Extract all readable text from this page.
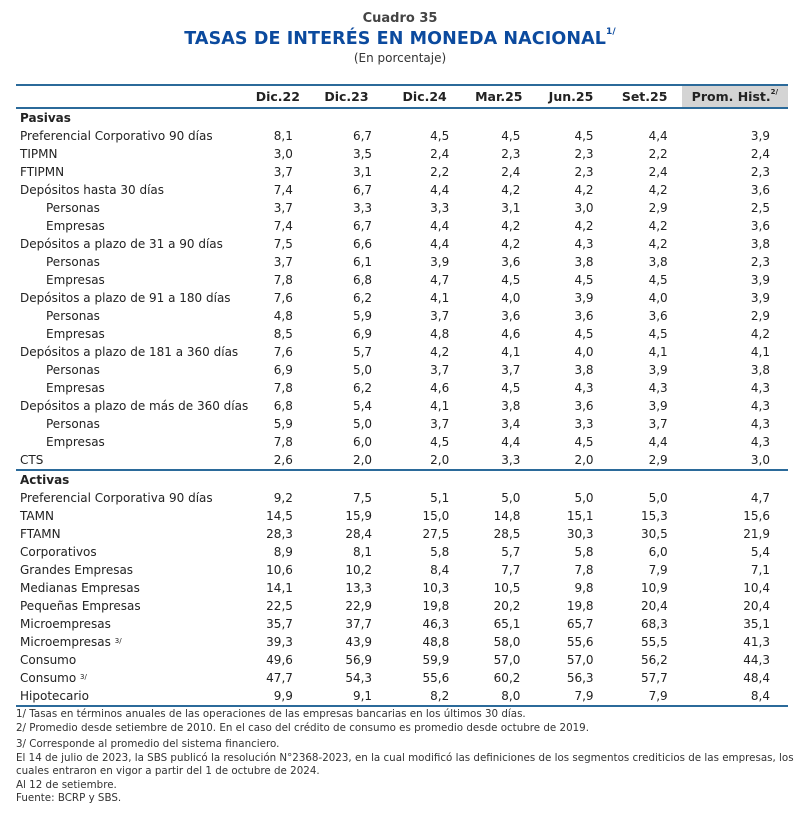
Cuadro 35
TASAS DE INTERÉS EN MONEDA $NACIONAL^{1/}$
(En porcentaje)
	Dic.22	Dic.23	Dic.24	Mar.25	Jun.25	Set.25	Prom. Hist.$^{2/}$
Pasivas							
Preferencial Corporativo 90 días	8,1	6,7	4,5	4,5	4,5	4,4	3,9
TIPMN	3,0	3,5	2,4	2,3	2,3	2,2	2,4
FTIPMN	3,7	3,1	2,2	2,4	2,3	2,4	2,3
Depósitos hasta 30 días	7,4	6,7	4,4	4,2	4,2	4,2	3,6
Personas	3,7	3,3	3,3	3,1	3,0	2,9	2,5
Empresas	7,4	6,7	4,4	4,2	4,2	4,2	3,6
Depósitos a plazo de 31 a 90 días	7,5	6,6	4,4	4,2	4,3	4,2	3,8
Personas	3,7	6,1	3,9	3,6	3,8	3,8	2,3
Empresas	7,8	6,8	4,7	4,5	4,5	4,5	3,9
Depósitos a plazo de 91 a 180 días	7,6	6,2	4,1	4,0	3,9	4,0	3,9
Personas	4,8	5,9	3,7	3,6	3,6	3,6	2,9
Empresas	8,5	6,9	4,8	4,6	4,5	4,5	4,2
Depósitos a plazo de 181 a 360 días	7,6	5,7	4,2	4,1	4,0	4,1	4,1
Personas	6,9	5,0	3,7	3,7	3,8	3,9	3,8
Empresas	7,8	6,2	4,6	4,5	4,3	4,3	4,3
Depósitos a plazo de más de 360 días	6,8	5,4	4,1	3,8	3,6	3,9	4,3
Personas	5,9	5,0	3,7	3,4	3,3	3,7	4,3
Empresas	7,8	6,0	4,5	4,4	4,5	4,4	4,3
CTS	2,6	2,0	2,0	3,3	2,0	2,9	3,0
Activas							
Preferencial Corporativa 90 días	9,2	7,5	5,1	5,0	5,0	5,0	4,7
TAMN	14,5	15,9	15,0	14,8	15,1	15,3	15,6
FTAMN	28,3	28,4	27,5	28,5	30,3	30,5	21,9
Corporativos	8,9	8,1	5,8	5,7	5,8	6,0	5,4
Grandes Empresas	10,6	10,2	8,4	7,7	7,8	7,9	7,1
Medianas Empresas	14,1	13,3	10,3	10,5	9,8	10,9	10,4
Pequeñas Empresas	22,5	22,9	19,8	20,2	19,8	20,4	20,4
Microempresas	35,7	37,7	46,3	65,1	65,7	68,3	35,1
Microempresas $^{3/}$	39,3	43,9	48,8	58,0	55,6	55,5	41,3
Consumo	49,6	56,9	59,9	57,0	57,0	56,2	44,3
Consumo $^{3/}$	47,7	54,3	55,6	60,2	56,3	57,7	48,4
Hipotecario	9,9	9,1	8,2	8,0	7,9	7,9	8,4
1/ Tasas en términos anuales de las operaciones de las empresas bancarias en los últimos 30 días.
2/ Promedio desde setiembre de 2010. En el caso del crédito de consumo es promedio desde octubre de 2019.
3/ Corresponde al promedio del sistema financiero.
El 14 de julio de 2023, la SBS publicó la resolución N°2368-2023, en la cual modificó las definiciones de los segmentos crediticios de las empresas, los cuales entraron en vigor a partir del 1 de octubre de 2024.
Al 12 de setiembre.
Fuente: BCRP y SBS.
